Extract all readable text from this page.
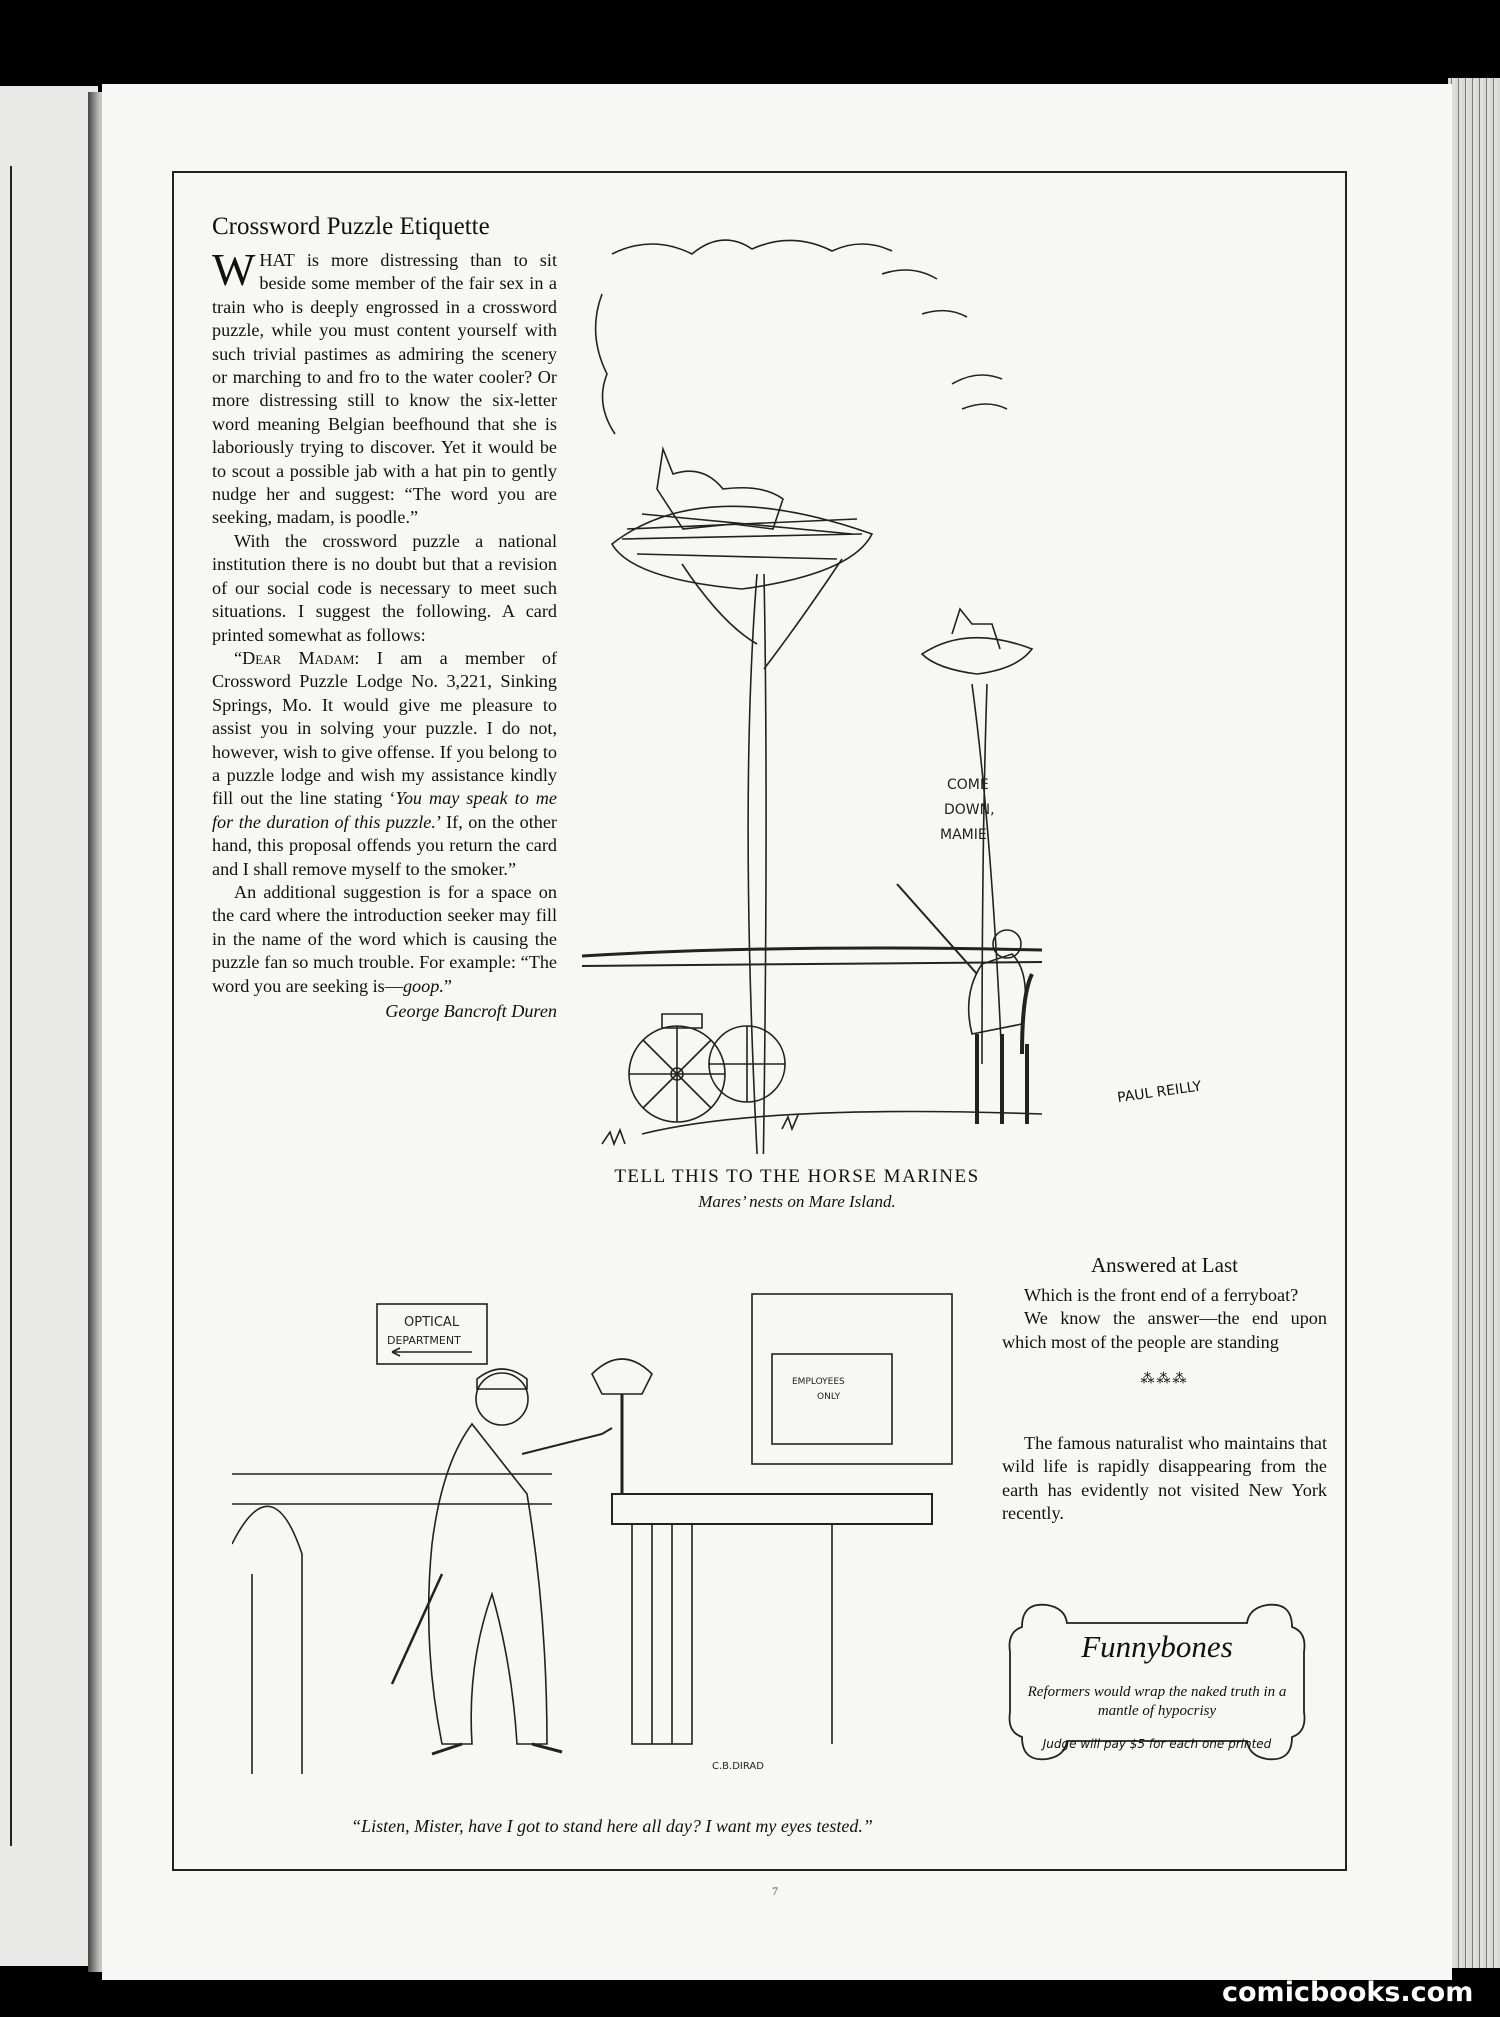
Crossword Puzzle Etiquette

WHAT is more distressing than to sit beside some member of the fair sex in a train who is deeply engrossed in a crossword puzzle, while you must content yourself with such trivial pastimes as admiring the scenery or marching to and fro to the water cooler? Or more distressing still to know the six-letter word meaning Belgian beefhound that she is laboriously trying to discover. Yet it would be to scout a possible jab with a hat pin to gently nudge her and suggest: “The word you are seeking, madam, is poodle.”

With the crossword puzzle a national institution there is no doubt but that a revision of our social code is necessary to meet such situations. I suggest the following. A card printed somewhat as follows:

“Dear Madam: I am a member of Crossword Puzzle Lodge No. 3,221, Sinking Springs, Mo. It would give me pleasure to assist you in solving your puzzle. I do not, however, wish to give offense. If you belong to a puzzle lodge and wish my assistance kindly fill out the line stating ‘You may speak to me for the duration of this puzzle.’ If, on the other hand, this proposal offends you return the card and I shall remove myself to the smoker.”

An additional suggestion is for a space on the card where the introduction seeker may fill in the name of the word which is causing the puzzle fan so much trouble. For example: “The word you are seeking is—goop.”

George Bancroft Duren

COME
DOWN,
MAMIE
PAUL REILLY
TELL THIS TO THE HORSE MARINES
Mares’ nests on Mare Island.
OPTICAL
DEPARTMENT
EMPLOYEES
ONLY
C.B.DIRAD
“Listen, Mister, have I got to stand here all day? I want my eyes tested.”
Answered at Last

Which is the front end of a ferryboat?

We know the answer—the end upon which most of the people are standing

⁂⁂⁂

The famous naturalist who maintains that wild life is rapidly disappearing from the earth has evidently not visited New York recently.

Funnybones
Reformers would wrap the naked truth in a mantle of hypocrisy
Judge will pay $5 for each one printed
7
comicbooks.com
